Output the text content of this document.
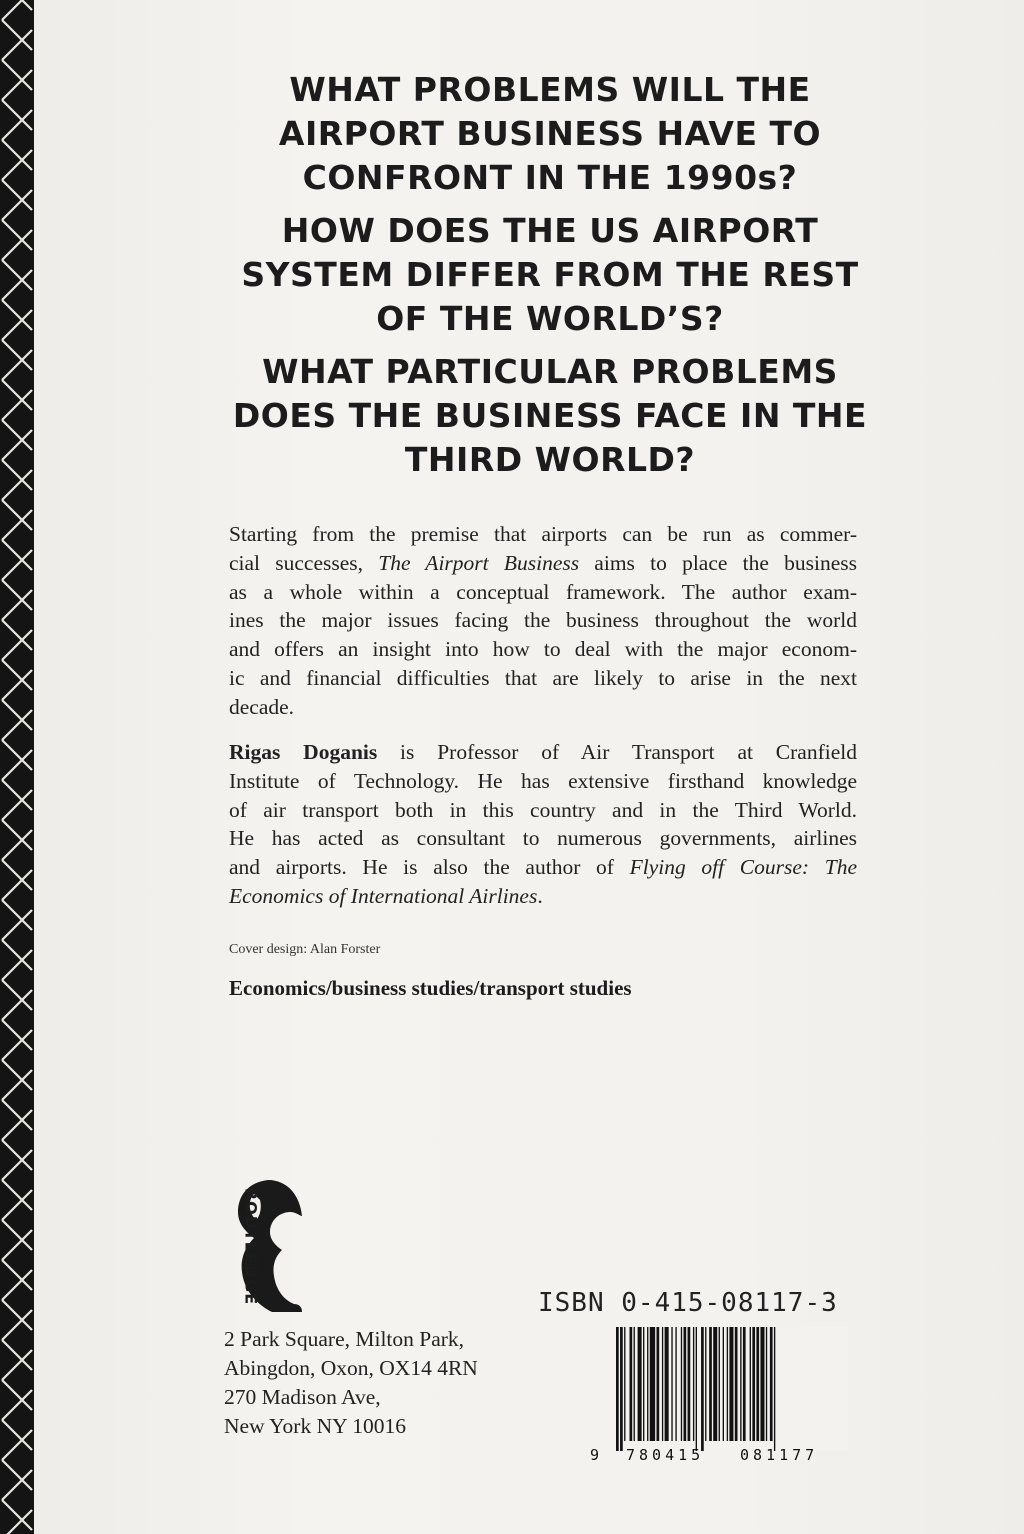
WHAT PROBLEMS WILL THE
AIRPORT BUSINESS HAVE TO
CONFRONT IN THE 1990s?
HOW DOES THE US AIRPORT
SYSTEM DIFFER FROM THE REST
OF THE WORLD’S?
WHAT PARTICULAR PROBLEMS
DOES THE BUSINESS FACE IN THE
THIRD WORLD?
Starting from the premise that airports can be run as commer-
cial successes, The Airport Business aims to place the business
as a whole within a conceptual framework. The author exam-
ines the major issues facing the business throughout the world
and offers an insight into how to deal with the major econom-
ic and financial difficulties that are likely to arise in the next
decade.
Rigas Doganis is Professor of Air Transport at Cranfield
Institute of Technology. He has extensive firsthand knowledge
of air transport both in this country and in the Third World.
He has acted as consultant to numerous governments, airlines
and airports. He is also the author of Flying off Course: The
Economics of International Airlines.
Cover design: Alan Forster
Economics/business studies/transport studies
ROUTLEDGE
2 Park Square, Milton Park,
Abingdon, Oxon, OX14 4RN
270 Madison Ave,
New York NY 10016
ISBN 0-415-08117-3
9 780415 081177
